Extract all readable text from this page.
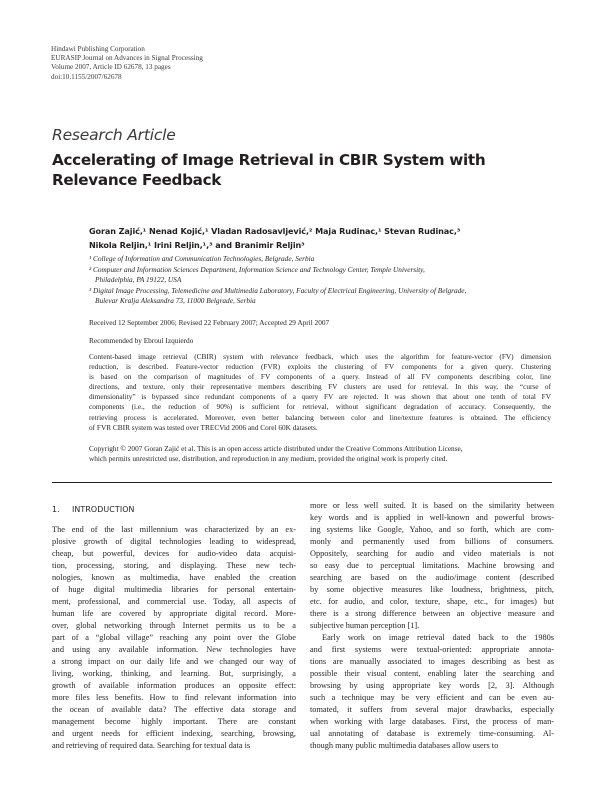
Hindawi Publishing Corporation
EURASIP Journal on Advances in Signal Processing
Volume 2007, Article ID 62678, 13 pages
doi:10.1155/2007/62678
Research Article
Accelerating of Image Retrieval in CBIR System with
Relevance Feedback
Goran Zajić,¹ Nenad Kojić,¹ Vladan Radosavljević,² Maja Rudinac,¹ Stevan Rudinac,³
Nikola Reljin,¹ Irini Reljin,¹,³ and Branimir Reljin³
¹ College of Information and Communication Technologies, Belgrade, Serbia
² Computer and Information Sciences Department, Information Science and Technology Center, Temple University,
Philadelphia, PA 19122, USA
³ Digital Image Processing, Telemedicine and Multimedia Laboratory, Faculty of Electrical Engineering, University of Belgrade,
Bulevar Kralja Aleksandra 73, 11000 Belgrade, Serbia
Received 12 September 2006; Revised 22 February 2007; Accepted 29 April 2007
Recommended by Ebroul Izquierdo
Content-based image retrieval (CBIR) system with relevance feedback, which uses the algorithm for feature-vector (FV) dimension
reduction, is described. Feature-vector reduction (FVR) exploits the clustering of FV components for a given query. Clustering
is based on the comparison of magnitudes of FV components of a query. Instead of all FV components describing color, line
directions, and texture, only their representative members describing FV clusters are used for retrieval. In this way, the “curse of
dimensionality” is bypassed since redundant components of a query FV are rejected. It was shown that about one tenth of total FV
components (i.e., the reduction of 90%) is sufficient for retrieval, without significant degradation of accuracy. Consequently, the
retrieving process is accelerated. Moreover, even better balancing between color and line/texture features is obtained. The efficiency
of FVR CBIR system was tested over TRECVid 2006 and Corel 60K datasets.
Copyright © 2007 Goran Zajić et al. This is an open access article distributed under the Creative Commons Attribution License,
which permits unrestricted use, distribution, and reproduction in any medium, provided the original work is properly cited.
1. INTRODUCTION
The end of the last millennium was characterized by an ex-
plosive growth of digital technologies leading to widespread,
cheap, but powerful, devices for audio-video data acquisi-
tion, processing, storing, and displaying. These new tech-
nologies, known as multimedia, have enabled the creation
of huge digital multimedia libraries for personal entertain-
ment, professional, and commercial use. Today, all aspects of
human life are covered by appropriate digital record. More-
over, global networking through Internet permits us to be a
part of a “global village” reaching any point over the Globe
and using any available information. New technologies have
a strong impact on our daily life and we changed our way of
living, working, thinking, and learning. But, surprisingly, a
growth of available information produces an opposite effect:
more files less benefits. How to find relevant information into
the ocean of available data? The effective data storage and
management become highly important. There are constant
and urgent needs for efficient indexing, searching, browsing,
and retrieving of required data. Searching for textual data is
more or less well suited. It is based on the similarity between
key words and is applied in well-known and powerful brows-
ing systems like Google, Yahoo, and so forth, which are com-
monly and permanently used from billions of consumers.
Oppositely, searching for audio and video materials is not
so easy due to perceptual limitations. Machine browsing and
searching are based on the audio/image content (described
by some objective measures like loudness, brightness, pitch,
etc. for audio, and color, texture, shape, etc., for images) but
there is a strong difference between an objective measure and
subjective human perception [1].
Early work on image retrieval dated back to the 1980s
and first systems were textual-oriented: appropriate annota-
tions are manually associated to images describing as best as
possible their visual content, enabling later the searching and
browsing by using appropriate key words [2, 3]. Although
such a technique may be very efficient and can be even au-
tomated, it suffers from several major drawbacks, especially
when working with large databases. First, the process of man-
ual annotating of database is extremely time-consuming. Al-
though many public multimedia databases allow users to
